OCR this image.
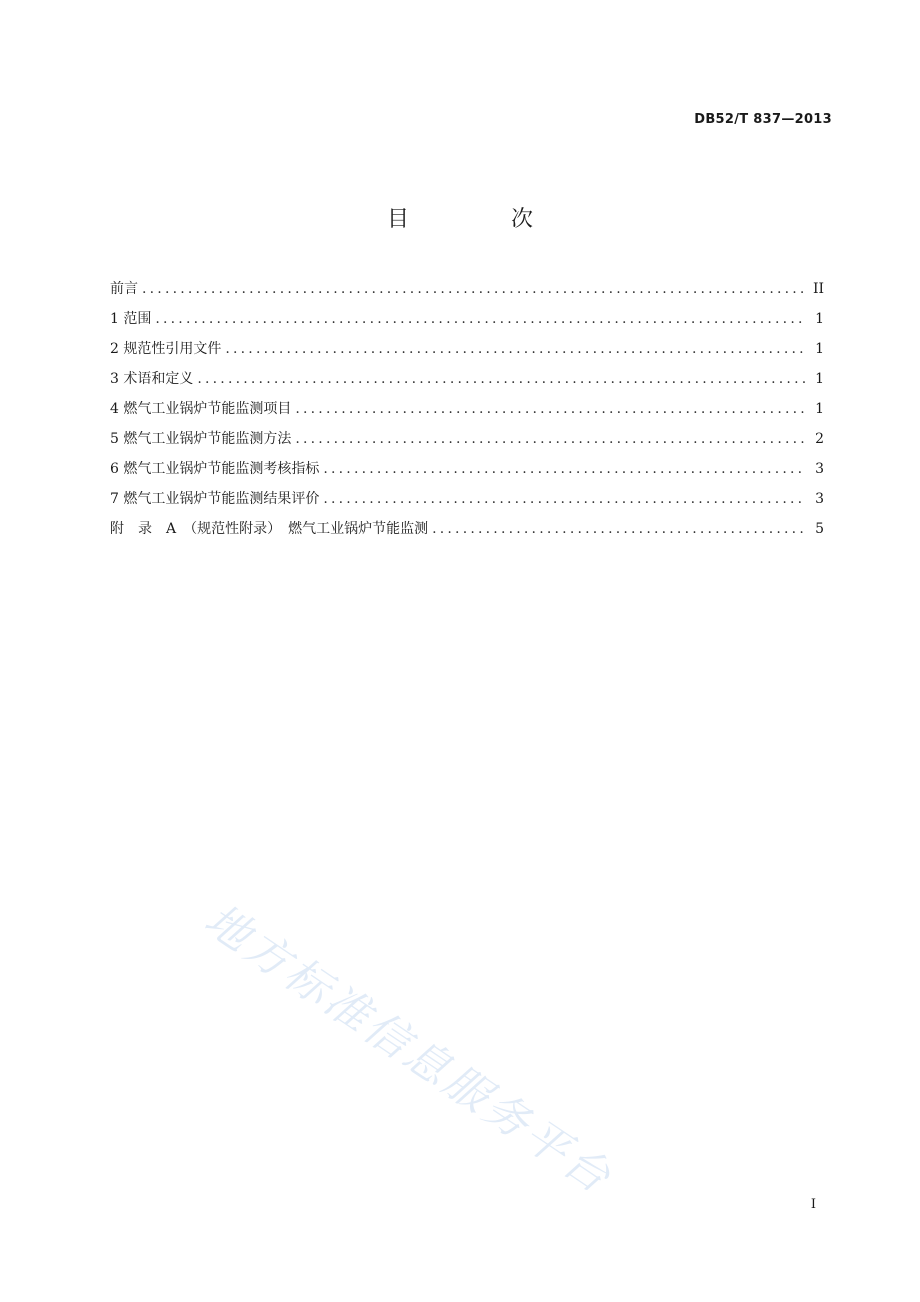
DB52/T 837—2013
目　次
前言 .....	II
1 范围 .....	1
2 规范性引用文件 .....	1
3 术语和定义 .....	1
4 燃气工业锅炉节能监测项目 .....	1
5 燃气工业锅炉节能监测方法 .....	2
6 燃气工业锅炉节能监测考核指标 .....	3
7 燃气工业锅炉节能监测结果评价 .....	3
附　录　A　（规范性附录）　燃气工业锅炉节能监测 .....	5
地方标准信息服务平台	I
